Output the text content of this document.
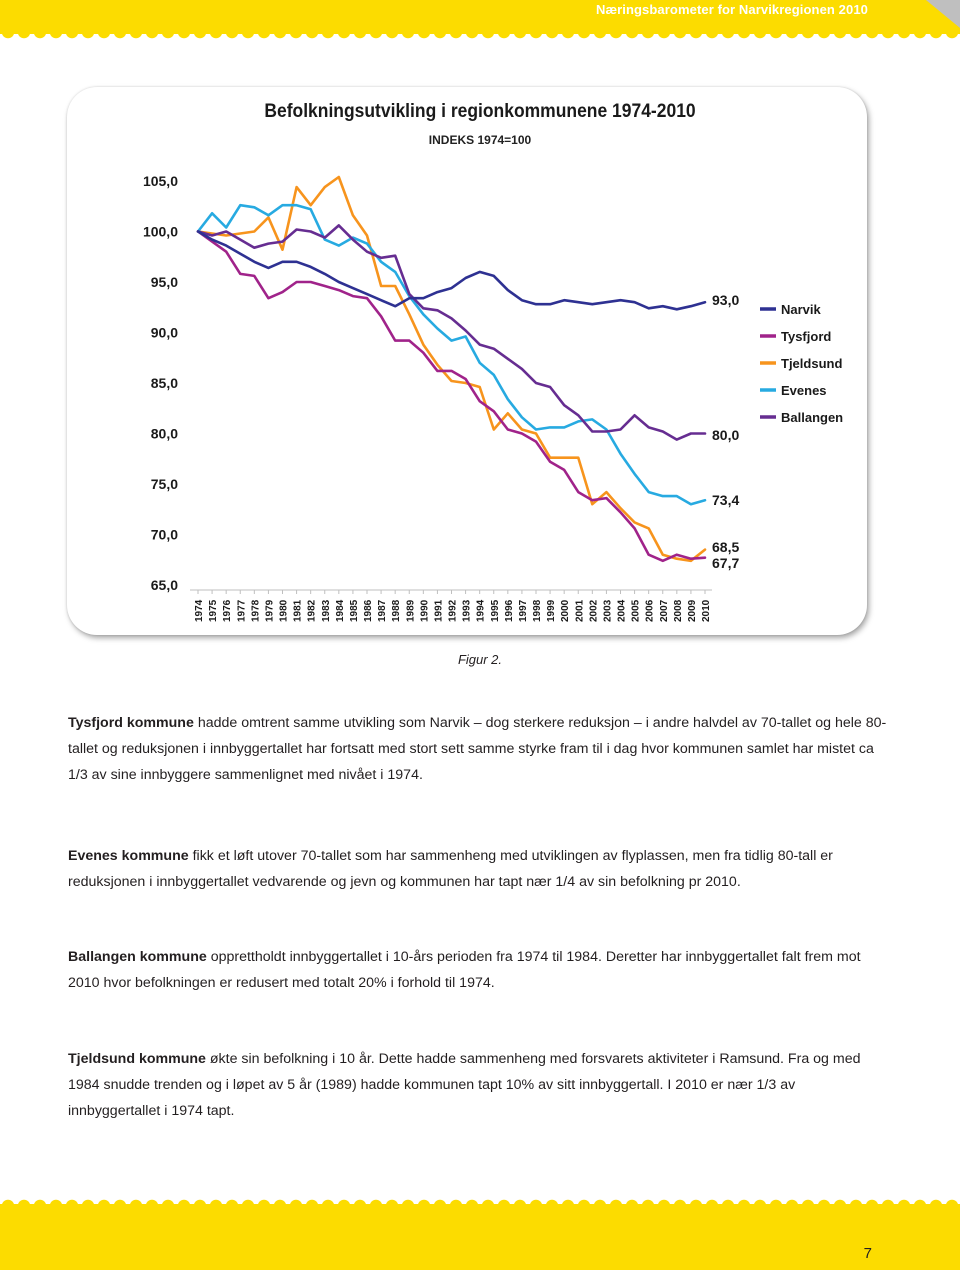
Næringsbarometer for Narvikregionen 2010
Befolkningsutvikling i regionkommunene 1974-2010
INDEKS 1974=100
105,0
100,0
95,0
90,0
85,0
80,0
75,0
70,0
65,0
1974 1975 1976 1977 1978 1979 1980 1981 1982 1983 1984 1985 1986 1987 1988 1989 1990 1991 1992 1993 1994 1995 1996 1997 1998 1999 2000 2001 2002 2003 2004 2005 2006 2007 2008 2009 2010
93,0
80,0
73,4
68,5
67,7
Narvik
Tysfjord
Tjeldsund
Evenes
Ballangen
Figur 2.
Tysfjord kommune hadde omtrent samme utvikling som Narvik – dog sterkere reduksjon – i andre halvdel av 70-tallet og hele 80-tallet og reduksjonen i innbyggertallet har fortsatt med stort sett samme styrke fram til i dag hvor kommunen samlet har mistet ca 1/3 av sine innbyggere sammenlignet med nivået i 1974.
Evenes kommune fikk et løft utover 70-tallet som har sammenheng med utviklingen av flyplassen, men fra tidlig 80-tall er reduksjonen i innbyggertallet vedvarende og jevn og kommunen har tapt nær 1/4 av sin befolkning pr 2010.
Ballangen kommune opprettholdt innbyggertallet i 10-års perioden fra 1974 til 1984. Deretter har innbyggertallet falt frem mot 2010 hvor befolkningen er redusert med totalt 20% i forhold til 1974.
Tjeldsund kommune økte sin befolkning i 10 år. Dette hadde sammenheng med forsvarets aktiviteter i Ramsund. Fra og med 1984 snudde trenden og i løpet av 5 år (1989) hadde kommunen tapt 10% av sitt innbyggertall. I 2010 er nær 1/3 av innbyggertallet i 1974 tapt.
7
